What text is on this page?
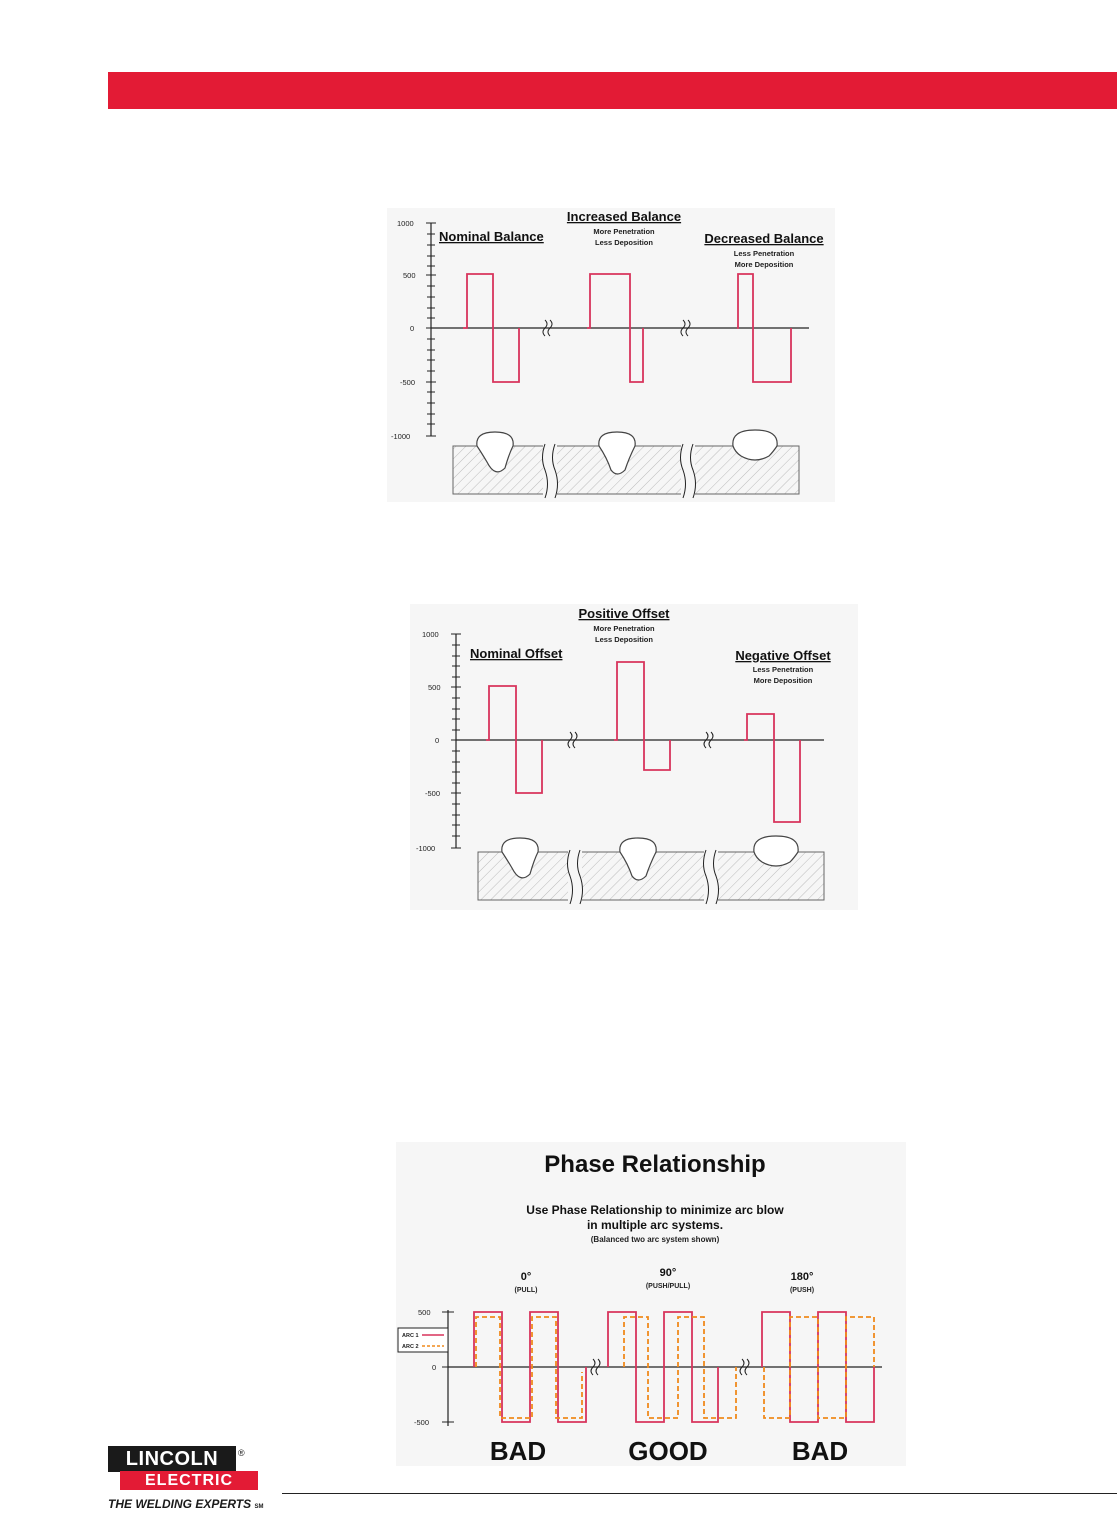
1000
500
0
-500
-1000
Nominal Balance
Increased Balance
More Penetration
Less Deposition	Decreased Balance
Less Penetration
More Deposition
1000
500
0
-500
-1000
Nominal Offset
Positive Offset
More Penetration
Less Deposition
Negative Offset
Less Penetration
More Deposition
Phase Relationship
Use Phase Relationship to minimize arc blow
in multiple arc systems.
(Balanced two arc system shown)
0°
(PULL)
90°
(PUSH/PULL)
180°
(PUSH)
500
0
-500
ARC 1
ARC 2
BAD	GOOD	BAD
LINCOLN	®
ELECTRIC
THE WELDING EXPERTS SM
